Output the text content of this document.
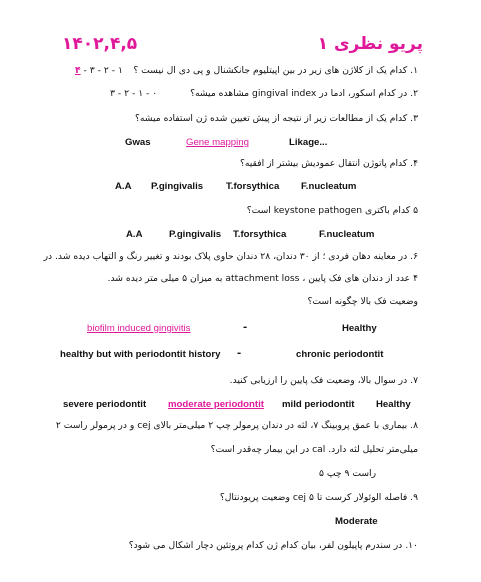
پریو نظری ۱
۱۴۰۲,۴,۵
۱. کدام یک از کلاژن های زیر در بین اپیتلیوم جانکشنال و پی دی ال نیست ؟
۱ - ۲ - ۳ - ۴
۲. در کدام اسکور، ادما در gingival index مشاهده میشه؟
۰ - ۱ - ۲ - ۳
۳. کدام یک از مطالعات زیر از نتیجه از پیش تعیین شده ژن استفاده میشه؟
Gwas	Gene mapping	Likage...
۴. کدام پاتوژن انتقال عمودیش بیشتر از افقیه؟
A.A P.gingivalis T.forsythica F.nucleatum
۵ کدام باکتری keystone pathogen است؟
A.A	P.gingivalis T.forsythica	F.nucleatum
۶. در معاینه دهان فردی ؛ از ۳۰ دندان، ۲۸ دندان حاوی پلاک بودند و تغییر رنگ و التهاب دیده شد. در
۴ عدد از دندان های فک پایین ، attachment loss به میزان ۵ میلی متر دیده شد.
وضعیت فک بالا چگونه است؟
biofilm induced gingivitis	-	Healthy
healthy but with periodontit history -	chronic periodontit
۷. در سوال بالا، وضعیت فک پایین را ارزیابی کنید.
severe periodontit moderate periodontit mild periodontit Healthy
۸. بیماری با عمق پروبینگ ۷، لثه در دندان پرمولر چپ ۲ میلی‌متر بالای cej و در پرمولر راست ۲
میلی‌متر تحلیل لثه دارد. cal در این بیمار چه‌قدر است؟
راست ۹ چپ ۵
۹. فاصله الوئولار کرست تا cej ۵ وضعیت پریودنتال؟
Moderate
۱۰. در سندرم پاپیلون لفر، بیان کدام ژن کدام پروتئین دچار اشکال می شود؟
